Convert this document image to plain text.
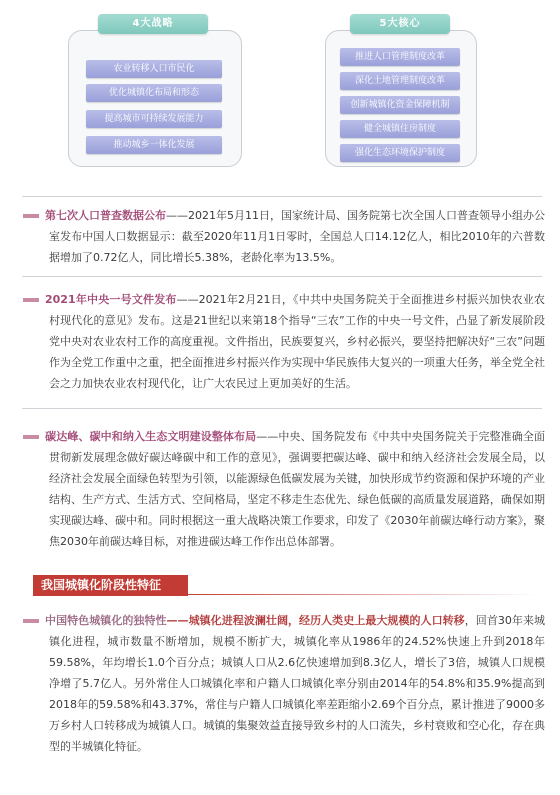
4大战略	5大核心
农业转移人口市民化
优化城镇化布局和形态
提高城市可持续发展能力
推动城乡一体化发展
推进人口管理制度改革
深化土地管理制度改革
创新城镇化资金保障机制
健全城镇住房制度
强化生态环境保护制度
第七次人口普查数据公布——2021年5月11日，国家统计局、国务院第七次全国人口普查领导小组办公室发布中国人口数据显示：截至2020年11月1日零时，全国总人口14.12亿人，相比2010年的六普数据增加了0.72亿人，同比增长5.38%，老龄化率为13.5%。
2021年中央一号文件发布——2021年2月21日，《中共中央国务院关于全面推进乡村振兴加快农业农村现代化的意见》发布。这是21世纪以来第18个指导“三农”工作的中央一号文件，凸显了新发展阶段党中央对农业农村工作的高度重视。文件指出，民族要复兴，乡村必振兴，要坚持把解决好“三农”问题作为全党工作重中之重，把全面推进乡村振兴作为实现中华民族伟大复兴的一项重大任务，举全党全社会之力加快农业农村现代化，让广大农民过上更加美好的生活。
碳达峰、碳中和纳入生态文明建设整体布局——中央、国务院发布《中共中央国务院关于完整准确全面贯彻新发展理念做好碳达峰碳中和工作的意见》，强调要把碳达峰、碳中和纳入经济社会发展全局，以经济社会发展全面绿色转型为引领，以能源绿色低碳发展为关键，加快形成节约资源和保护环境的产业结构、生产方式、生活方式、空间格局，坚定不移走生态优先、绿色低碳的高质量发展道路，确保如期实现碳达峰、碳中和。同时根据这一重大战略决策工作要求，印发了《2030年前碳达峰行动方案》，聚焦2030年前碳达峰目标，对推进碳达峰工作作出总体部署。
我国城镇化阶段性特征
中国特色城镇化的独特性——城镇化进程波澜壮阔，经历人类史上最大规模的人口转移，回首30年来城镇化进程，城市数量不断增加，规模不断扩大，城镇化率从1986年的24.52%快速上升到2018年59.58%，年均增长1.0个百分点；城镇人口从2.6亿快速增加到8.3亿人，增长了3倍，城镇人口规模净增了5.7亿人。另外常住人口城镇化率和户籍人口城镇化率分别由2014年的54.8%和35.9%提高到2018年的59.58%和43.37%，常住与户籍人口城镇化率差距缩小2.69个百分点，累计推进了9000多万乡村人口转移成为城镇人口。城镇的集聚效益直接导致乡村的人口流失，乡村衰败和空心化，存在典型的半城镇化特征。
